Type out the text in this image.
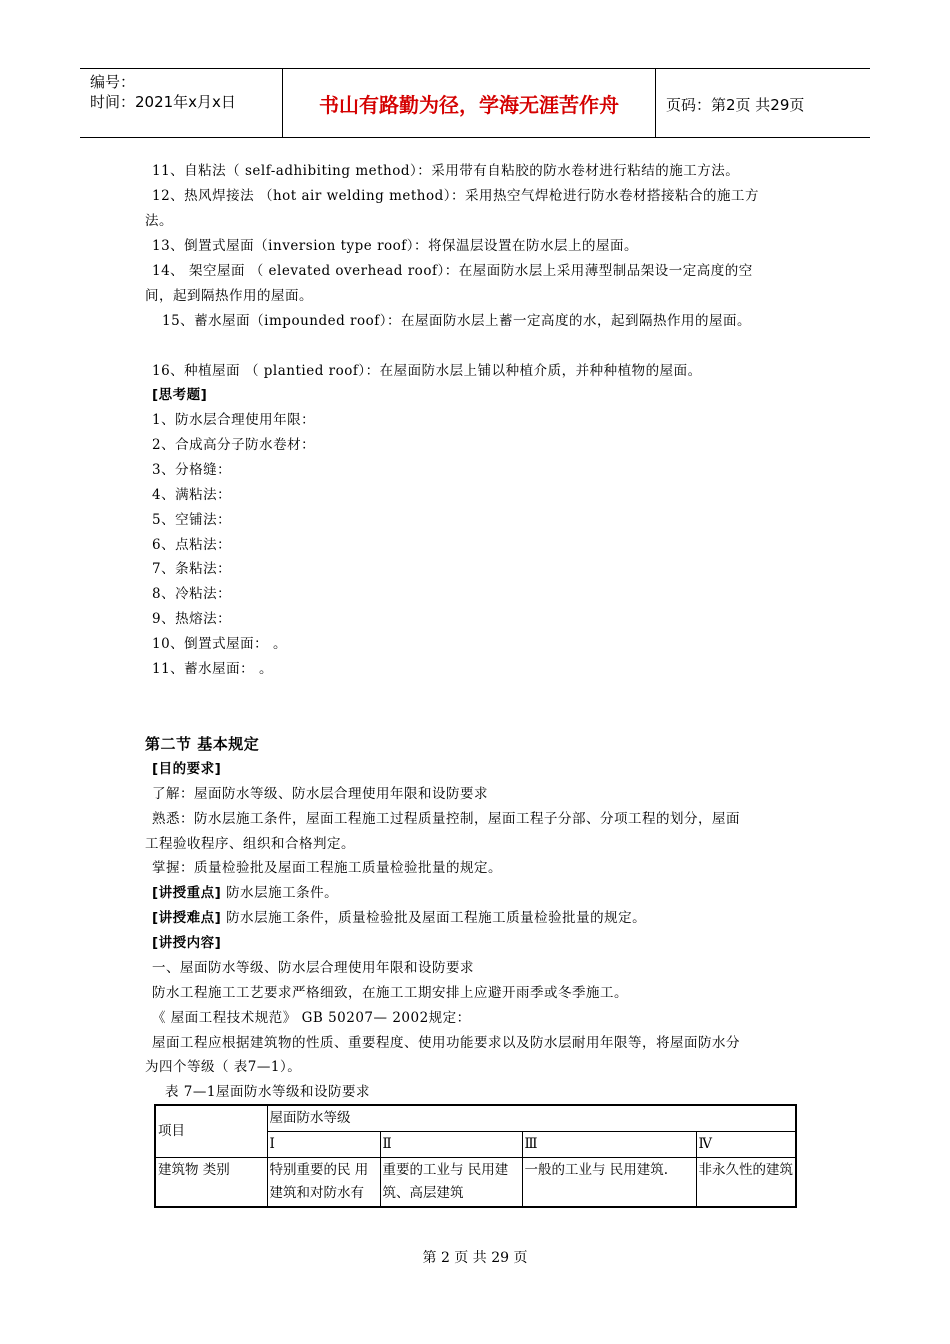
编号：
时间：2021年x月x日	书山有路勤为径，学海无涯苦作舟	页码：第2页 共29页
11、自粘法（ self-adhibiting method）：采用带有自粘胶的防水卷材进行粘结的施工方法。
12、热风焊接法 （hot air welding method）：采用热空气焊枪进行防水卷材搭接粘合的施工方
法。
13、倒置式屋面（inversion type roof）：将保温层设置在防水层上的屋面。
14、 架空屋面 （ elevated overhead roof）：在屋面防水层上采用薄型制品架设一定高度的空
间，起到隔热作用的屋面。
15、蓄水屋面（impounded roof）：在屋面防水层上蓄一定高度的水，起到隔热作用的屋面。
16、种植屋面 （ plantied roof）：在屋面防水层上铺以种植介质，并种种植物的屋面。
[思考题]
1、防水层合理使用年限：
2、合成高分子防水卷材：
3、分格缝：
4、满粘法：
5、空铺法：
6、点粘法：
7、条粘法：
8、冷粘法：
9、热熔法：
10、倒置式屋面： 。
11、蓄水屋面： 。
第二节 基本规定
[目的要求]
了解：屋面防水等级、防水层合理使用年限和设防要求
熟悉：防水层施工条件，屋面工程施工过程质量控制，屋面工程子分部、分项工程的划分，屋面
工程验收程序、组织和合格判定。
掌握：质量检验批及屋面工程施工质量检验批量的规定。
[讲授重点] 防水层施工条件。
[讲授难点] 防水层施工条件，质量检验批及屋面工程施工质量检验批量的规定。
[讲授内容]
一、屋面防水等级、防水层合理使用年限和设防要求
防水工程施工工艺要求严格细致，在施工工期安排上应避开雨季或冬季施工。
《 屋面工程技术规范》 GB 50207— 2002规定：
屋面工程应根据建筑物的性质、重要程度、使用功能要求以及防水层耐用年限等，将屋面防水分
为四个等级（ 表7—1）。
表 7—1屋面防水等级和设防要求
项目	屋面防水等级			
	Ⅰ	Ⅱ	Ⅲ	Ⅳ
建筑物 类别	特别重要的民 用建筑和对防水有	重要的工业与 民用建筑、高层建筑	一般的工业与 民用建筑.	非永久性的建筑
第 2 页 共 29 页
